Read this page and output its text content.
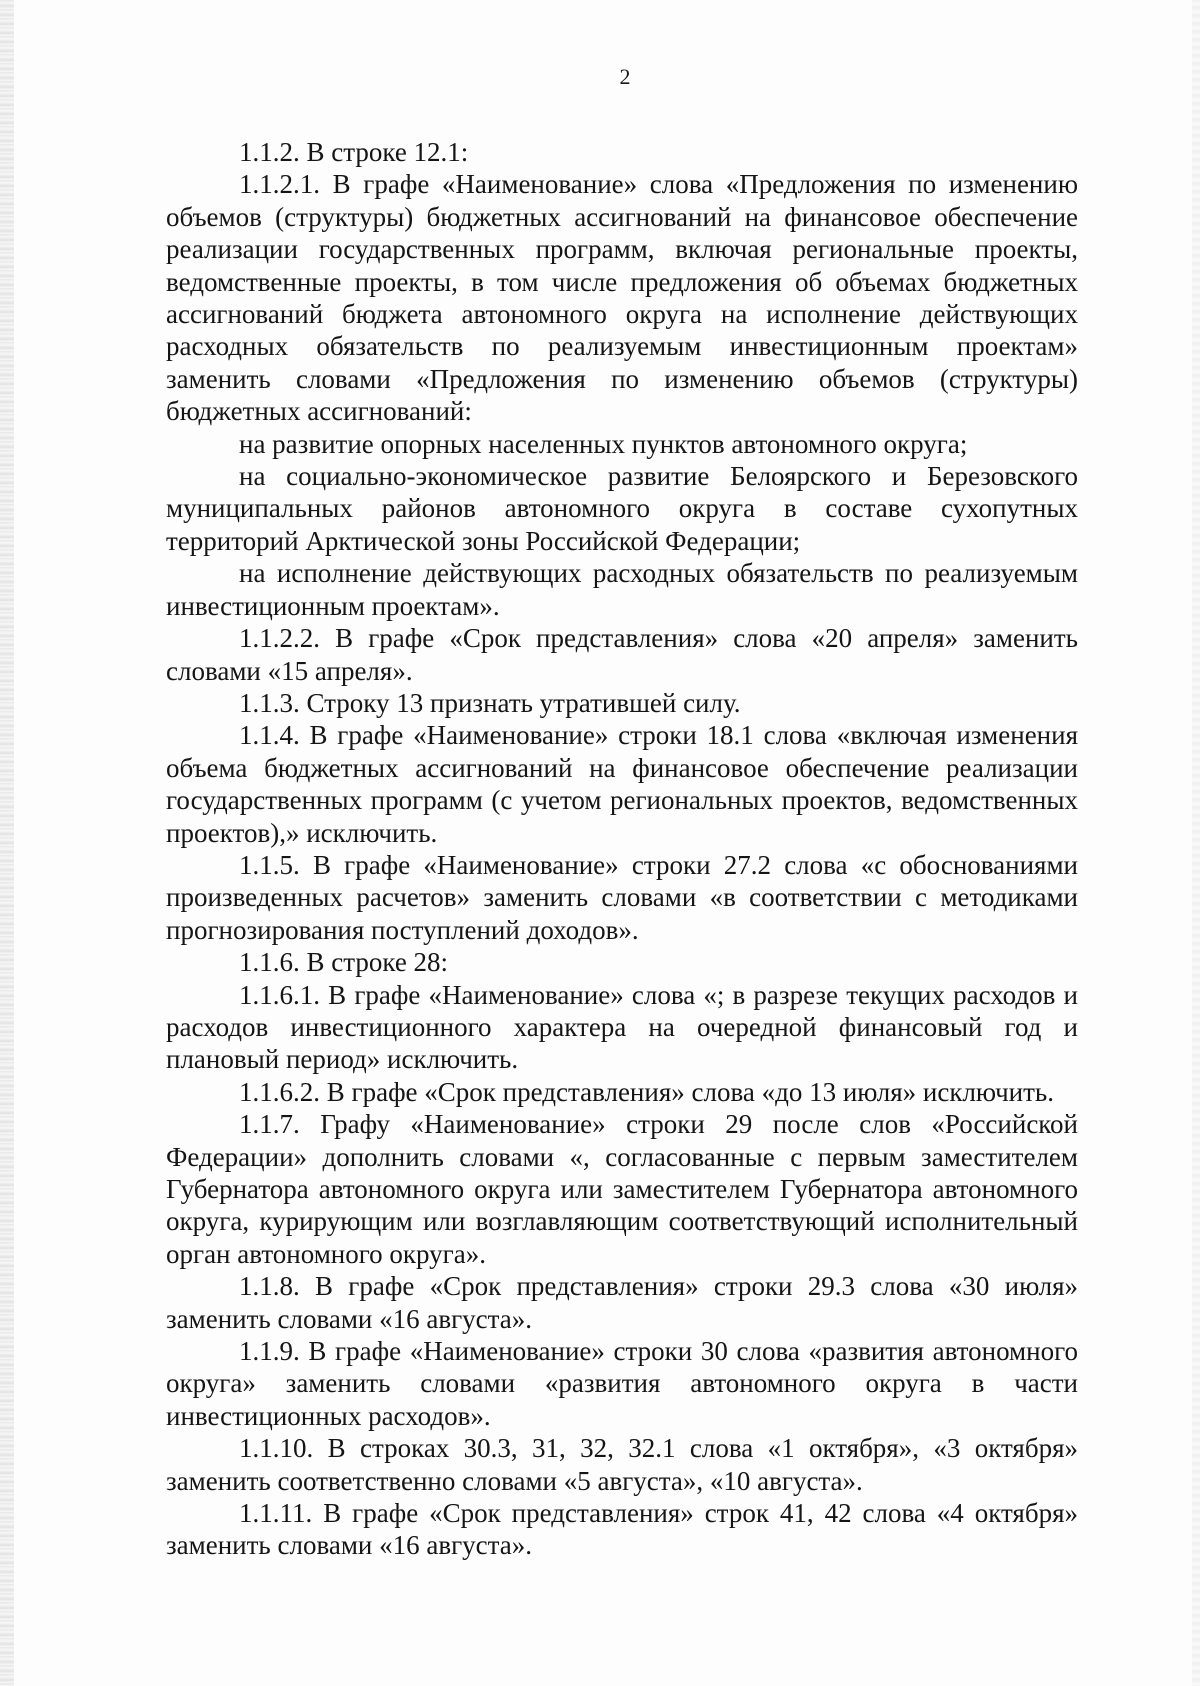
2

1.1.2. В строке 12.1:

1.1.2.1. В графе «Наименование» слова «Предложения по изменению объемов (структуры) бюджетных ассигнований на финансовое обеспечение реализации государственных программ, включая региональные проекты, ведомственные проекты, в том числе предложения об объемах бюджетных ассигнований бюджета автономного округа на исполнение действующих расходных обязательств по реализуемым инвестиционным проектам» заменить словами «Предложения по изменению объемов (структуры) бюджетных ассигнований:

на развитие опорных населенных пунктов автономного округа;

на социально-экономическое развитие Белоярского и Березовского муниципальных районов автономного округа в составе сухопутных территорий Арктической зоны Российской Федерации;

на исполнение действующих расходных обязательств по реализуемым инвестиционным проектам».

1.1.2.2. В графе «Срок представления» слова «20 апреля» заменить словами «15 апреля».

1.1.3. Строку 13 признать утратившей силу.

1.1.4. В графе «Наименование» строки 18.1 слова «включая изменения объема бюджетных ассигнований на финансовое обеспечение реализации государственных программ (с учетом региональных проектов, ведомственных проектов),» исключить.

1.1.5. В графе «Наименование» строки 27.2 слова «с обоснованиями произведенных расчетов» заменить словами «в соответствии с методиками прогнозирования поступлений доходов».

1.1.6. В строке 28:

1.1.6.1. В графе «Наименование» слова «; в разрезе текущих расходов и расходов инвестиционного характера на очередной финансовый год и плановый период» исключить.

1.1.6.2. В графе «Срок представления» слова «до 13 июля» исключить.

1.1.7. Графу «Наименование» строки 29 после слов «Российской Федерации» дополнить словами «, согласованные с первым заместителем Губернатора автономного округа или заместителем Губернатора автономного округа, курирующим или возглавляющим соответствующий исполнительный орган автономного округа».

1.1.8. В графе «Срок представления» строки 29.3 слова «30 июля» заменить словами «16 августа».

1.1.9. В графе «Наименование» строки 30 слова «развития автономного округа» заменить словами «развития автономного округа в части инвестиционных расходов».

1.1.10. В строках 30.3, 31, 32, 32.1 слова «1 октября», «3 октября» заменить соответственно словами «5 августа», «10 августа».

1.1.11. В графе «Срок представления» строк 41, 42 слова «4 октября» заменить словами «16 августа».
